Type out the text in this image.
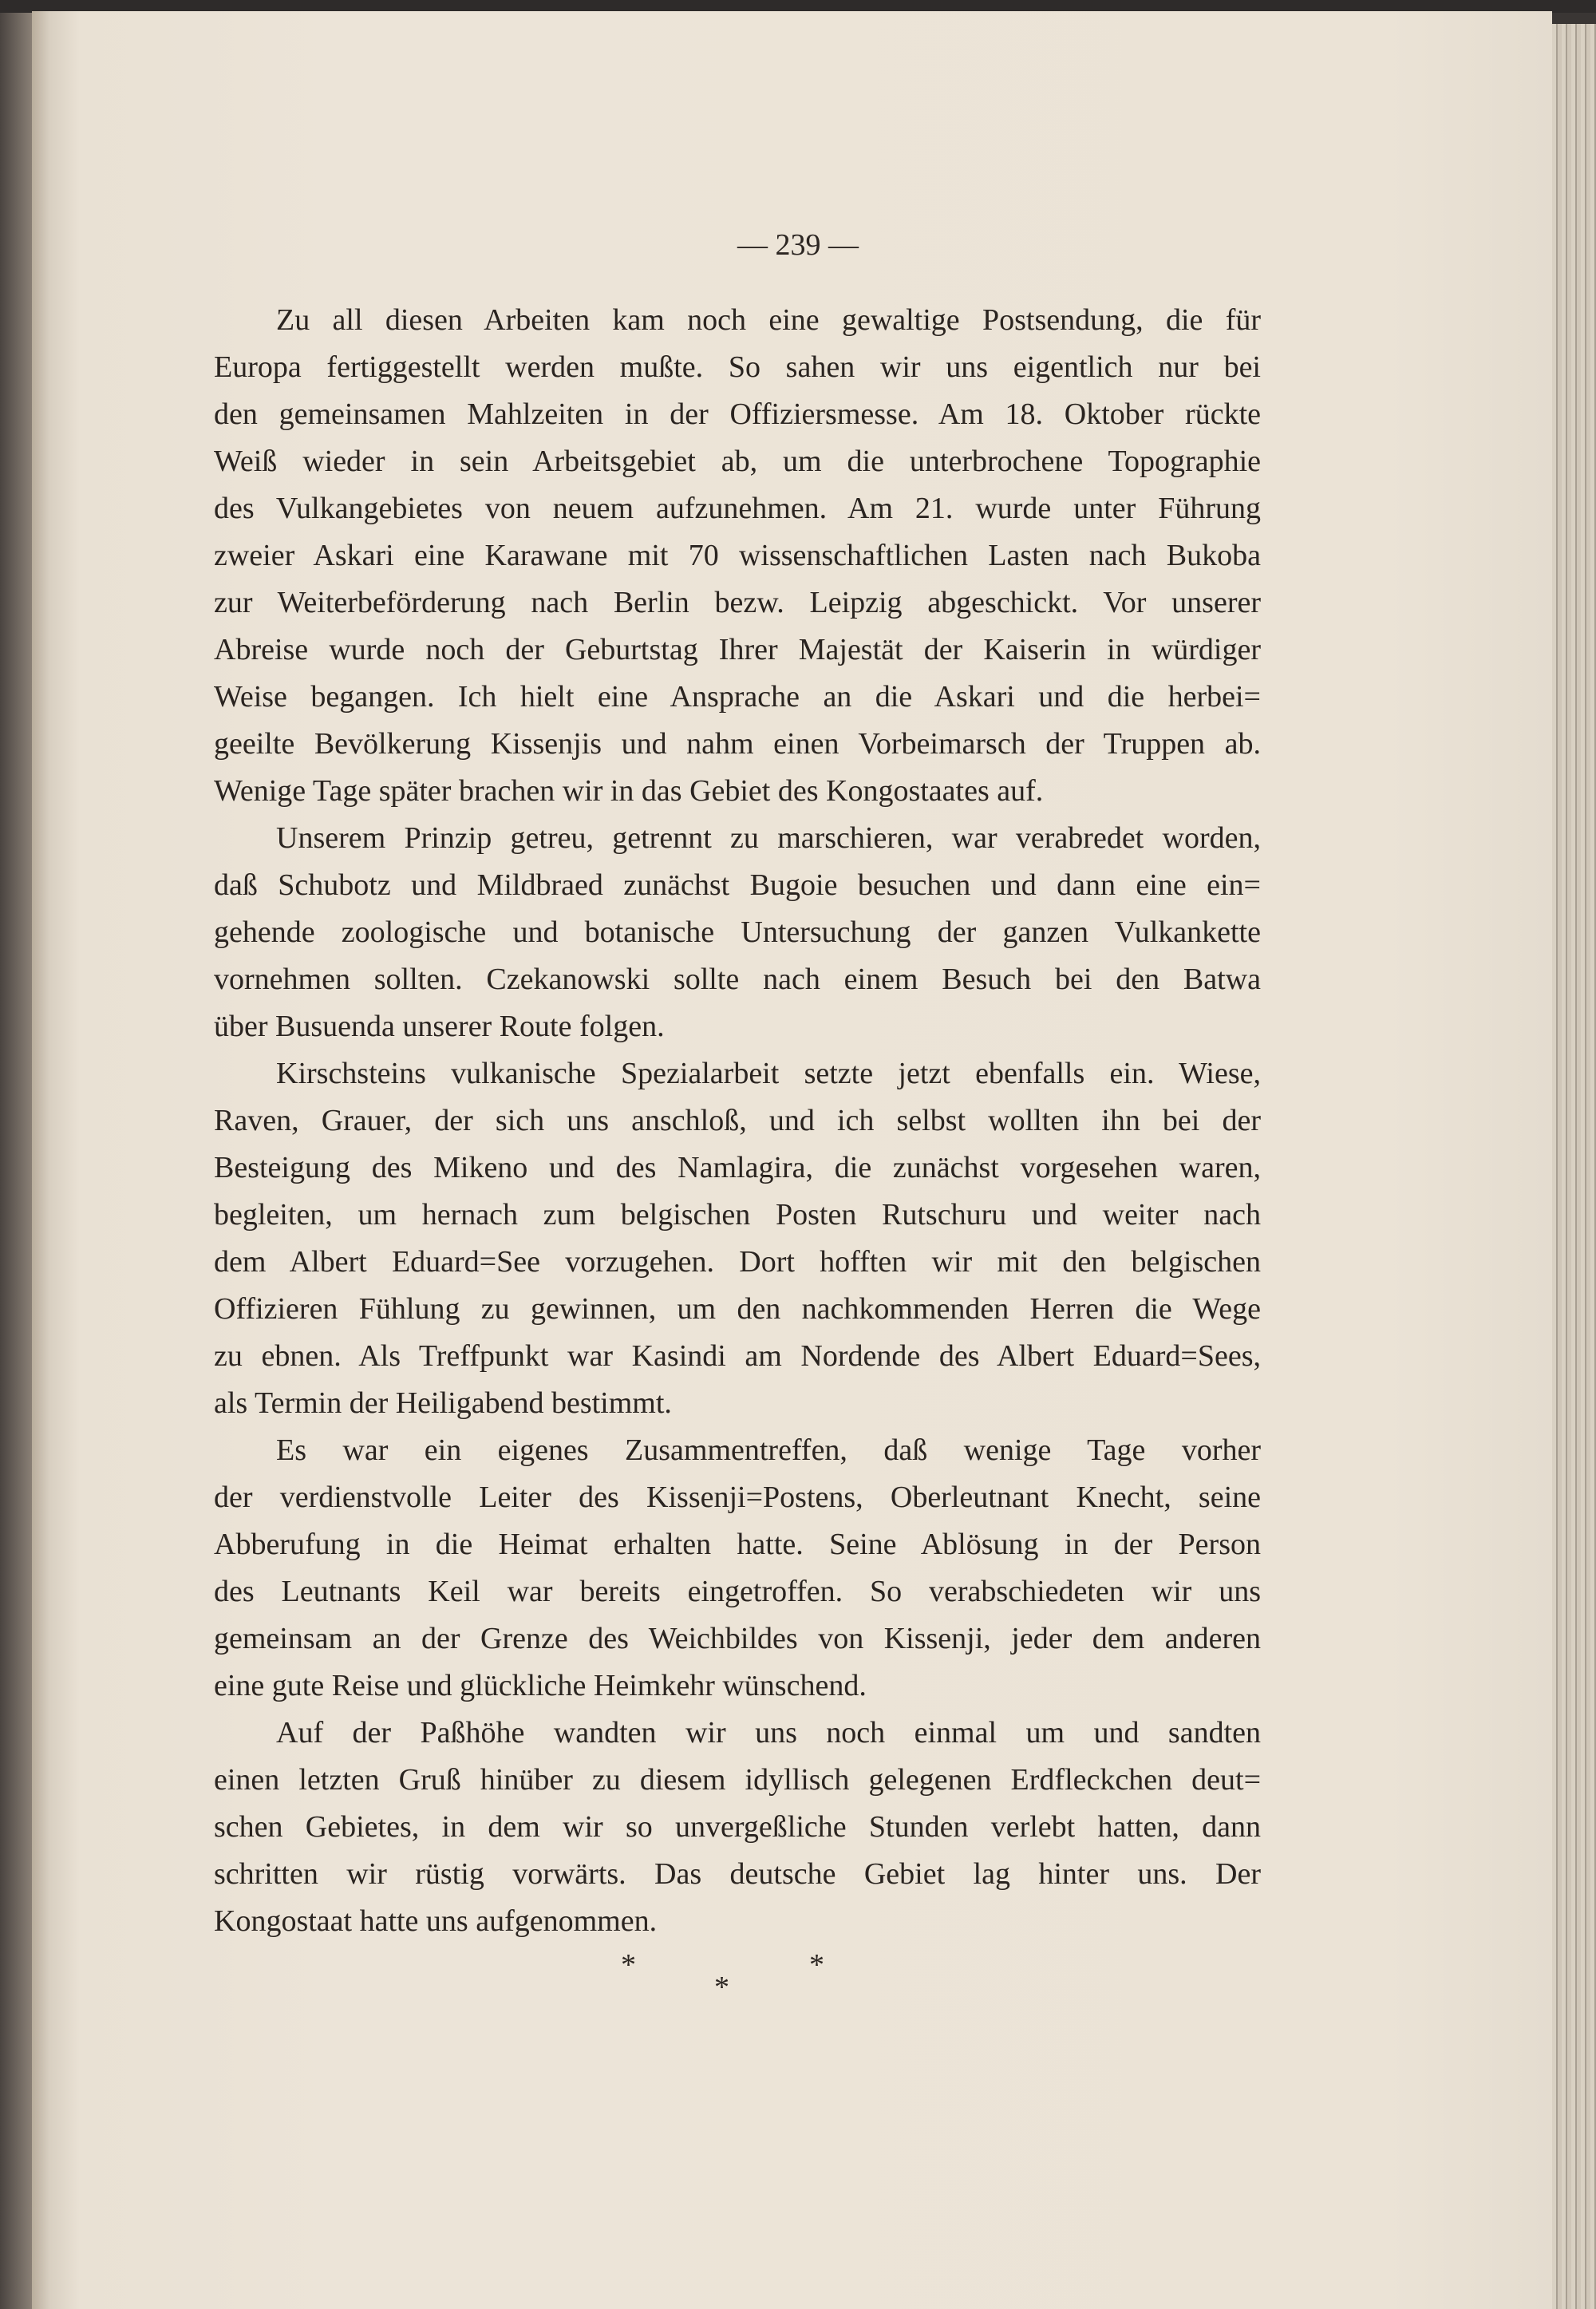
— 239 —
Zu all diesen Arbeiten kam noch eine gewaltige Postsendung, die für
Europa fertiggestellt werden mußte. So sahen wir uns eigentlich nur bei
den gemeinsamen Mahlzeiten in der Offiziersmesse. Am 18. Oktober rückte
Weiß wieder in sein Arbeitsgebiet ab, um die unterbrochene Topographie
des Vulkangebietes von neuem aufzunehmen. Am 21. wurde unter Führung
zweier Askari eine Karawane mit 70 wissenschaftlichen Lasten nach Bukoba
zur Weiterbeförderung nach Berlin bezw. Leipzig abgeschickt. Vor unserer
Abreise wurde noch der Geburtstag Ihrer Majestät der Kaiserin in würdiger
Weise begangen. Ich hielt eine Ansprache an die Askari und die herbei=
geeilte Bevölkerung Kissenjis und nahm einen Vorbeimarsch der Truppen ab.
Wenige Tage später brachen wir in das Gebiet des Kongostaates auf.
Unserem Prinzip getreu, getrennt zu marschieren, war verabredet worden,
daß Schubotz und Mildbraed zunächst Bugoie besuchen und dann eine ein=
gehende zoologische und botanische Untersuchung der ganzen Vulkankette
vornehmen sollten. Czekanowski sollte nach einem Besuch bei den Batwa
über Busuenda unserer Route folgen.
Kirschsteins vulkanische Spezialarbeit setzte jetzt ebenfalls ein. Wiese,
Raven, Grauer, der sich uns anschloß, und ich selbst wollten ihn bei der
Besteigung des Mikeno und des Namlagira, die zunächst vorgesehen waren,
begleiten, um hernach zum belgischen Posten Rutschuru und weiter nach
dem Albert Eduard=See vorzugehen. Dort hofften wir mit den belgischen
Offizieren Fühlung zu gewinnen, um den nachkommenden Herren die Wege
zu ebnen. Als Treffpunkt war Kasindi am Nordende des Albert Eduard=Sees,
als Termin der Heiligabend bestimmt.
Es war ein eigenes Zusammentreffen, daß wenige Tage vorher
der verdienstvolle Leiter des Kissenji=Postens, Oberleutnant Knecht, seine
Abberufung in die Heimat erhalten hatte. Seine Ablösung in der Person
des Leutnants Keil war bereits eingetroffen. So verabschiedeten wir uns
gemeinsam an der Grenze des Weichbildes von Kissenji, jeder dem anderen
eine gute Reise und glückliche Heimkehr wünschend.
Auf der Paßhöhe wandten wir uns noch einmal um und sandten
einen letzten Gruß hinüber zu diesem idyllisch gelegenen Erdfleckchen deut=
schen Gebietes, in dem wir so unvergeßliche Stunden verlebt hatten, dann
schritten wir rüstig vorwärts. Das deutsche Gebiet lag hinter uns. Der
Kongostaat hatte uns aufgenommen.
*
*
*
